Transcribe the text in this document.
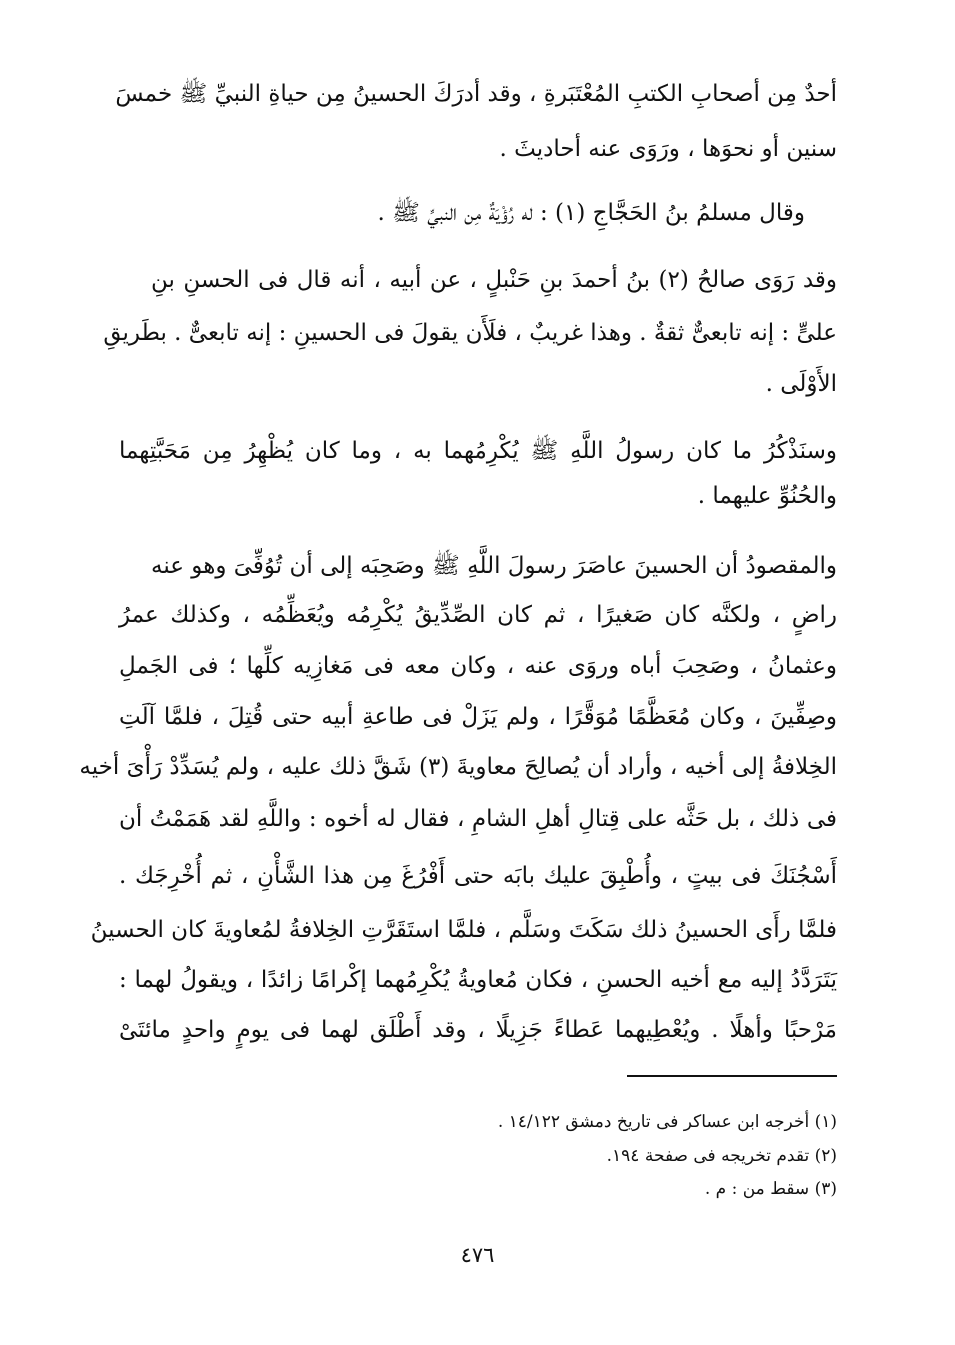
أحدٌ مِن أصحابِ الكتبِ المُعْتَبَرةِ ، وقد أدرَكَ الحسينُ مِن حياةِ النبيِّ ﷺ خمسَ
سنين أو نحوَها ، ورَوَى عنه أحاديثَ .
وقال مسلمُ بنُ الحَجَّاجِ (١) : له رُؤْيَةٌ مِن النبيِّ ﷺ .
وقد رَوَى صالحُ (٢) بنُ أحمدَ بنِ حَنْبلٍ ، عن أبيه ، أنه قال فى الحسنِ بنِ
علىٍّ : إنه تابعىٌّ ثقةٌ . وهذا غريبٌ ، فلَأَن يقولَ فى الحسينِ : إنه تابعىٌّ . بطَريقِ
الأَوْلَى .
وسنَذْكُرُ ما كان رسولُ اللَّهِ ﷺ يُكْرِمُهما به ، وما كان يُظْهِرُ مِن مَحَبَّتِهما
والحُنُوِّ عليهما .
والمقصودُ أن الحسينَ عاصَرَ رسولَ اللَّهِ ﷺ وصَحِبَه إلى أن تُوُفِّىَ وهو عنه
راضٍ ، ولكنَّه كان صَغيرًا ، ثم كان الصِّدِّيقُ يُكْرِمُه ويُعَظِّمُه ، وكذلك عمرُ
وعثمانُ ، وصَحِبَ أباه وروَى عنه ، وكان معه فى مَغازِيه كلِّها ؛ فى الجَملِ
وصِفِّينَ ، وكان مُعَظَّمًا مُوَقَّرًا ، ولم يَزَلْ فى طاعةِ أبيه حتى قُتِلَ ، فلمَّا آلَتِ
الخِلافةُ إلى أخيه ، وأراد أن يُصالِحَ معاويةَ (٣) شَقَّ ذلك عليه ، ولم يُسَدِّدْ رَأْىَ أخيه
فى ذلك ، بل حَثَّه على قِتالِ أهلِ الشامِ ، فقال له أخوه : واللَّهِ لقد هَمَمْتُ أن
أَسْجُنَكَ فى بيتٍ ، وأُطْبِقَ عليك بابَه حتى أَفْرُغَ مِن هذا الشَّأْنِ ، ثم أُخْرِجَك .
فلمَّا رأَى الحسينُ ذلك سَكَتَ وسَلَّم ، فلمَّا استَقَرَّتِ الخِلافةُ لمُعاويةَ كان الحسينُ
يَتَرَدَّدُ إليه مع أخيه الحسنِ ، فكان مُعاويةُ يُكْرِمُهما إكْرامًا زائدًا ، ويقولُ لهما :
مَرْحبًا وأهلًا . ويُعْطِيهما عَطاءً جَزِيلًا ، وقد أَطْلَق لهما فى يومٍ واحدٍ مائتَىْ
(١) أخرجه ابن عساكر فى تاريخ دمشق ١٤/١٢٢ .
(٢) تقدم تخريجه فى صفحة ١٩٤.
(٣) سقط من : م .
٤٧٦
